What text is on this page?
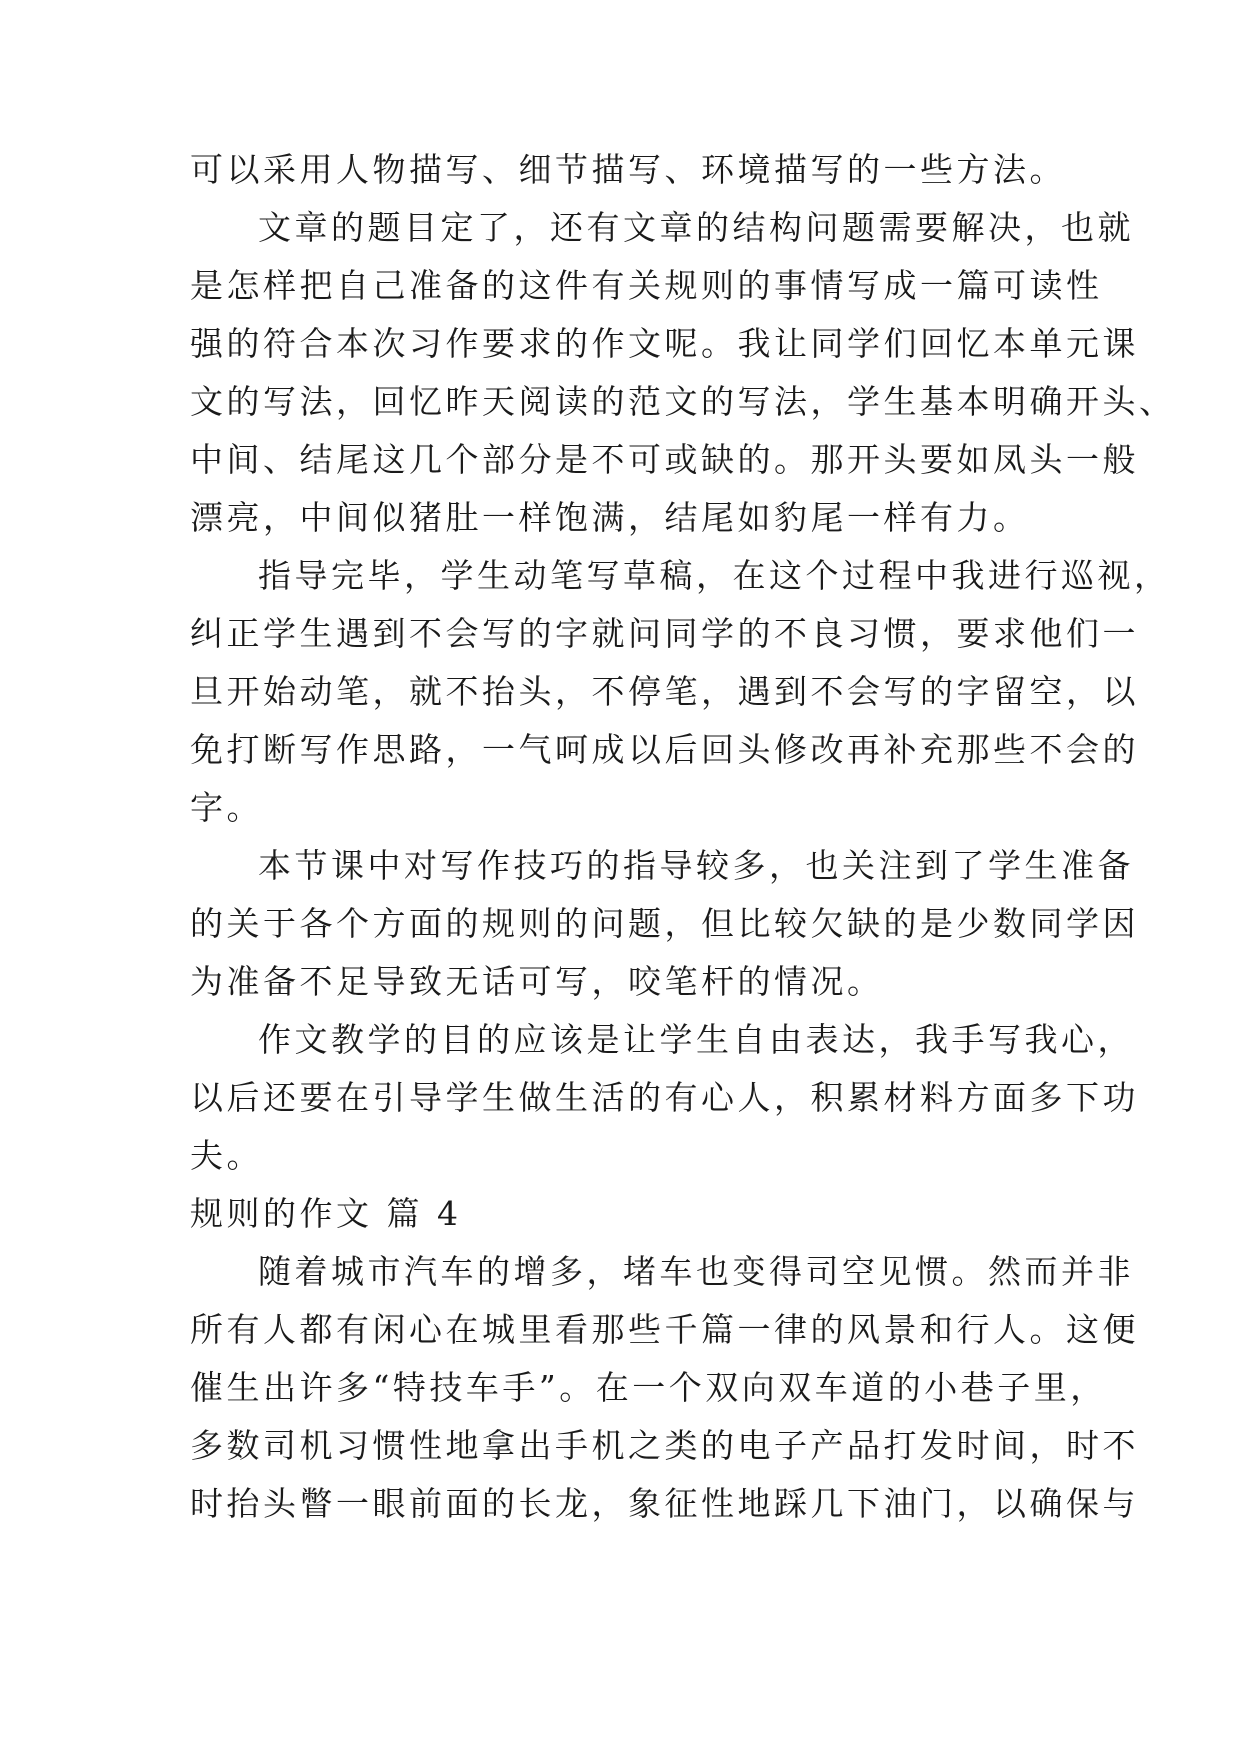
可以采用人物描写、细节描写、环境描写的一些方法。
文章的题目定了，还有文章的结构问题需要解决，也就
是怎样把自己准备的这件有关规则的事情写成一篇可读性
强的符合本次习作要求的作文呢。我让同学们回忆本单元课
文的写法，回忆昨天阅读的范文的写法，学生基本明确开头、
中间、结尾这几个部分是不可或缺的。那开头要如凤头一般
漂亮，中间似猪肚一样饱满，结尾如豹尾一样有力。
指导完毕，学生动笔写草稿，在这个过程中我进行巡视，
纠正学生遇到不会写的字就问同学的不良习惯，要求他们一
旦开始动笔，就不抬头，不停笔，遇到不会写的字留空，以
免打断写作思路，一气呵成以后回头修改再补充那些不会的
字。
本节课中对写作技巧的指导较多，也关注到了学生准备
的关于各个方面的规则的问题，但比较欠缺的是少数同学因
为准备不足导致无话可写，咬笔杆的情况。
作文教学的目的应该是让学生自由表达，我手写我心，
以后还要在引导学生做生活的有心人，积累材料方面多下功
夫。
规则的作文 篇 4
随着城市汽车的增多，堵车也变得司空见惯。然而并非
所有人都有闲心在城里看那些千篇一律的风景和行人。这便
催生出许多“特技车手”。在一个双向双车道的小巷子里，
多数司机习惯性地拿出手机之类的电子产品打发时间，时不
时抬头瞥一眼前面的长龙，象征性地踩几下油门，以确保与
